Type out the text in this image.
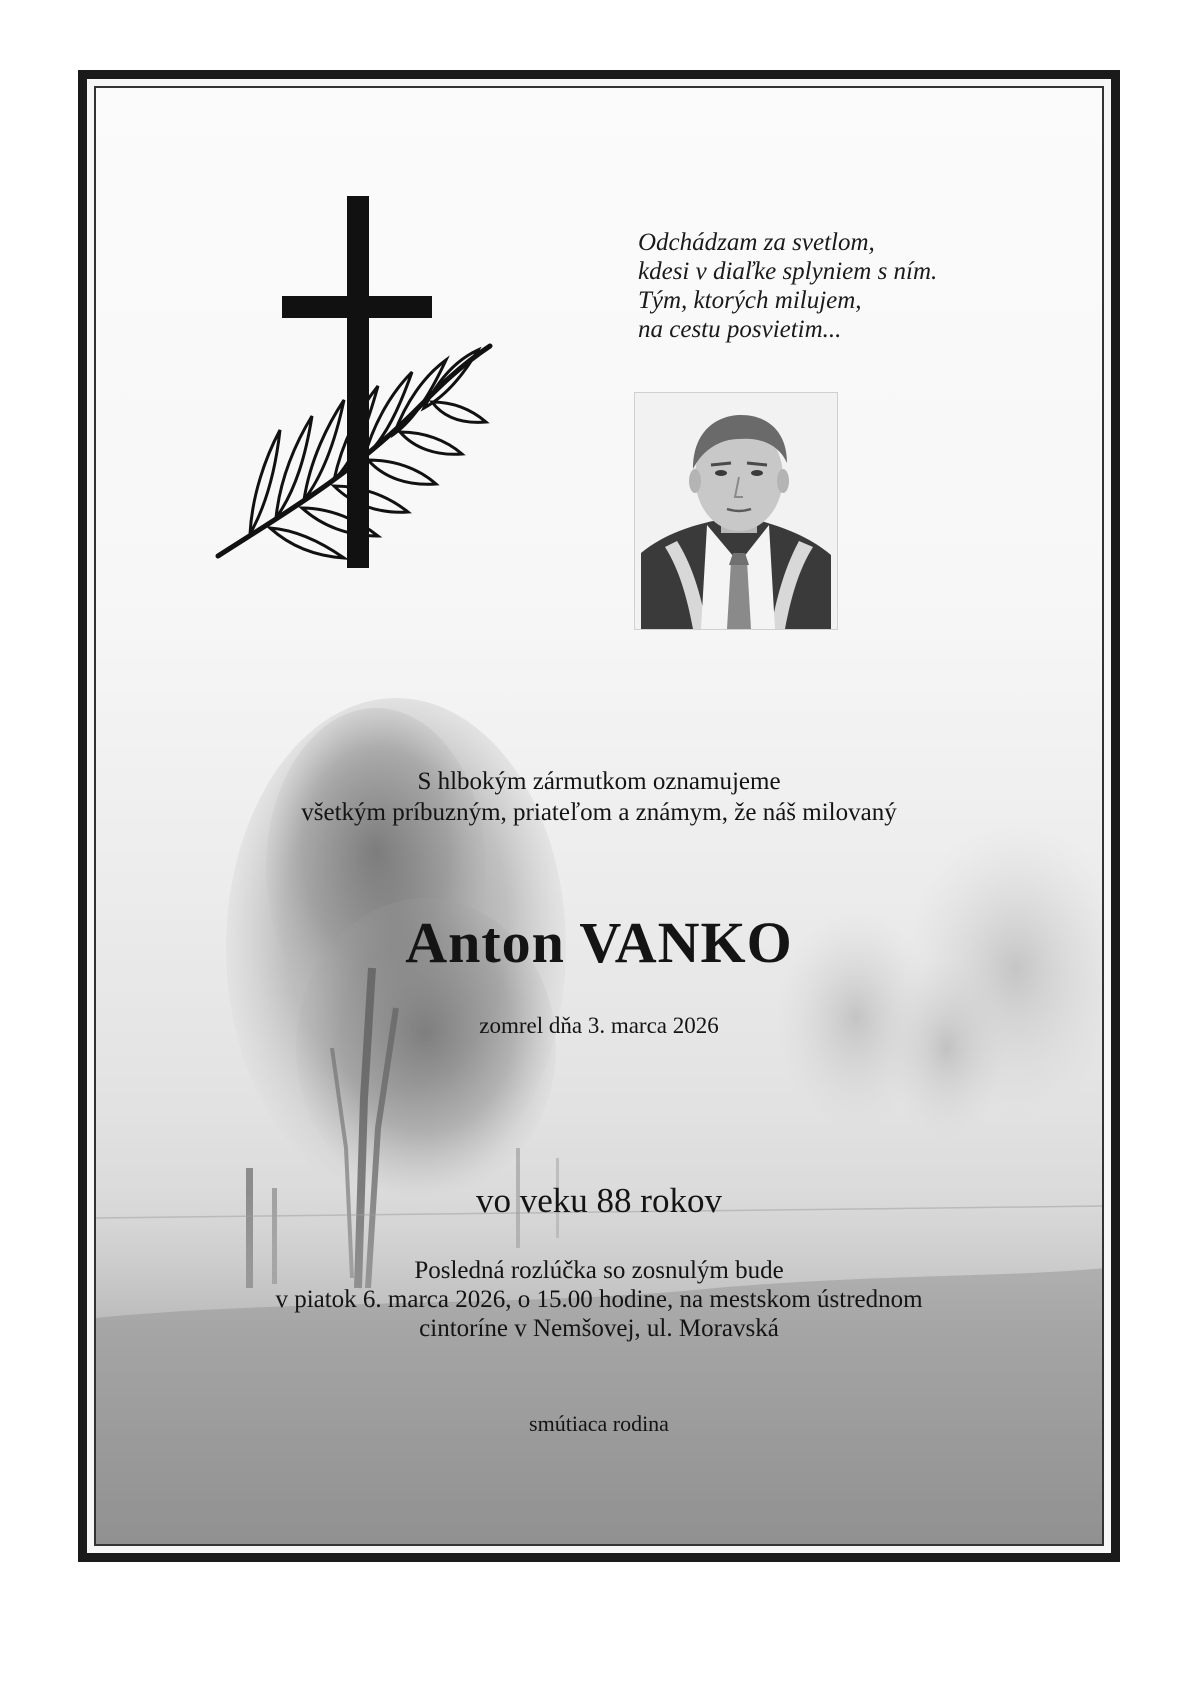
Odchádzam za svetlom,
kdesi v diaľke splyniem s ním.
Tým, ktorých milujem,
na cestu posvietim...
S hlbokým zármutkom oznamujeme
všetkým príbuzným, priateľom a známym, že náš milovaný
Anton VANKO
zomrel dňa 3. marca 2026
vo veku 88 rokov
Posledná rozlúčka so zosnulým bude
v piatok 6. marca 2026, o 15.00 hodine, na mestskom ústrednom
cintoríne v Nemšovej, ul. Moravská
smútiaca rodina
